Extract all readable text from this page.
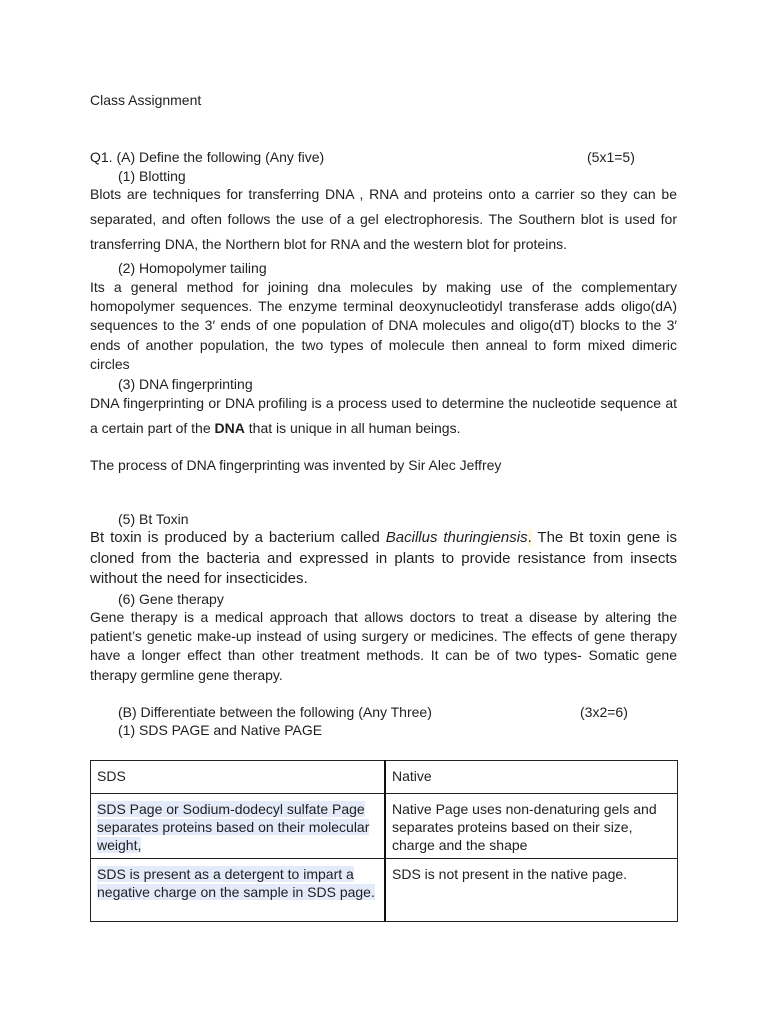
Class Assignment

Q1. (A) Define the following (Any five)	(5x1=5)

(1) Blotting

Blots are techniques for transferring DNA , RNA and proteins onto a carrier so they can be separated, and often follows the use of a gel electrophoresis. The Southern blot is used for transferring DNA, the Northern blot for RNA and the western blot for proteins.

(2) Homopolymer tailing

Its a general method for joining dna molecules by making use of the complementary homopolymer sequences. The enzyme terminal deoxynucleotidyl transferase adds oligo(dA) sequences to the 3′ ends of one population of DNA molecules and oligo(dT) blocks to the 3′ ends of another population, the two types of molecule then anneal to form mixed dimeric circles

(3) DNA fingerprinting

DNA fingerprinting or DNA profiling is a process used to determine the nucleotide sequence at a certain part of the DNA that is unique in all human beings.

The process of DNA fingerprinting was invented by Sir Alec Jeffrey

(5) Bt Toxin

Bt toxin is produced by a bacterium called Bacillus thuringiensis. The Bt toxin gene is cloned from the bacteria and expressed in plants to provide resistance from insects without the need for insecticides.

(6) Gene therapy

Gene therapy is a medical approach that allows doctors to treat a disease by altering the patient’s genetic make-up instead of using surgery or medicines. The effects of gene therapy have a longer effect than other treatment methods. It can be of two types- Somatic gene therapy germline gene therapy.

(B) Differentiate between the following (Any Three)	(3x2=6)

(1) SDS PAGE and Native PAGE

SDS	Native
SDS Page or Sodium-dodecyl sulfate Page separates proteins based on their molecular weight,	Native Page uses non-denaturing gels and separates proteins based on their size, charge and the shape
SDS is present as a detergent to impart a negative charge on the sample in SDS page.	SDS is not present in the native page.
